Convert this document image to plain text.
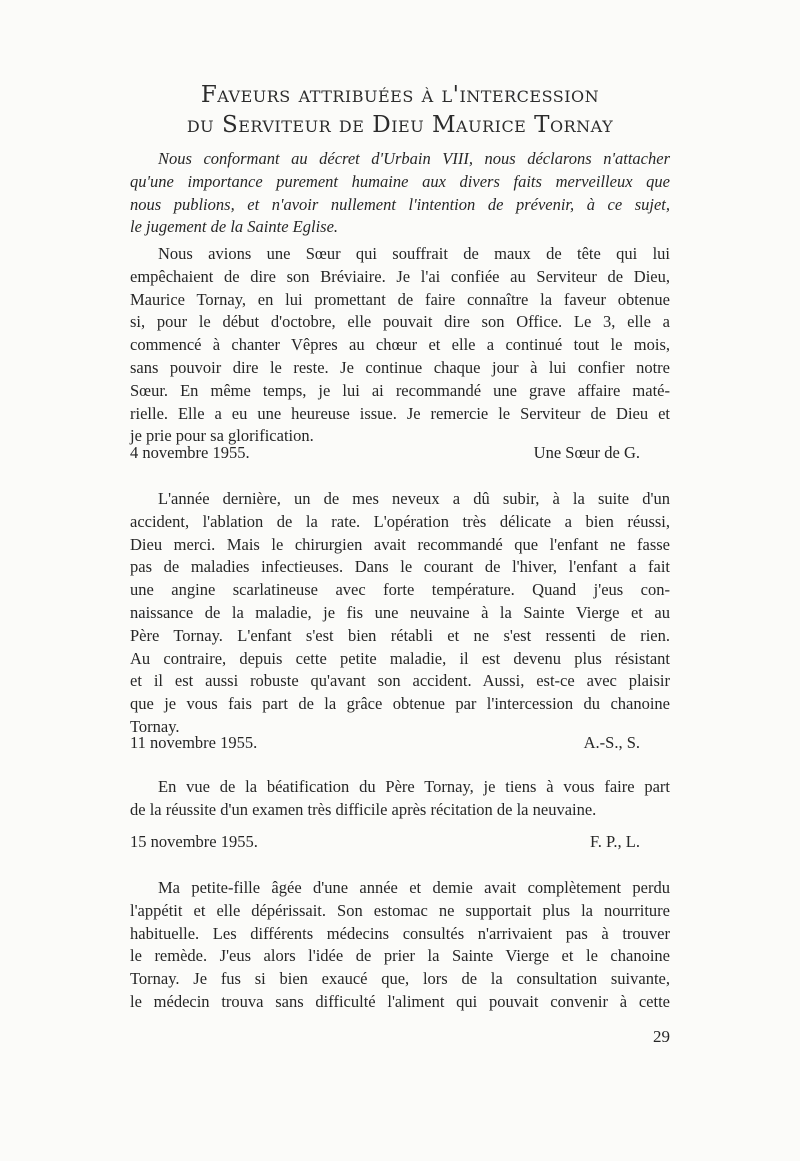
Faveurs attribuées à l'intercession
du Serviteur de Dieu Maurice Tornay
Nous conformant au décret d'Urbain VIII, nous déclarons n'attacher
qu'une importance purement humaine aux divers faits merveilleux que
nous publions, et n'avoir nullement l'intention de prévenir, à ce sujet,
le jugement de la Sainte Eglise.
Nous avions une Sœur qui souffrait de maux de tête qui lui
empêchaient de dire son Bréviaire. Je l'ai confiée au Serviteur de Dieu,
Maurice Tornay, en lui promettant de faire connaître la faveur obtenue
si, pour le début d'octobre, elle pouvait dire son Office. Le 3, elle a
commencé à chanter Vêpres au chœur et elle a continué tout le mois,
sans pouvoir dire le reste. Je continue chaque jour à lui confier notre
Sœur. En même temps, je lui ai recommandé une grave affaire maté-
rielle. Elle a eu une heureuse issue. Je remercie le Serviteur de Dieu et
je prie pour sa glorification.
4 novembre 1955.	Une Sœur de G.
L'année dernière, un de mes neveux a dû subir, à la suite d'un
accident, l'ablation de la rate. L'opération très délicate a bien réussi,
Dieu merci. Mais le chirurgien avait recommandé que l'enfant ne fasse
pas de maladies infectieuses. Dans le courant de l'hiver, l'enfant a fait
une angine scarlatineuse avec forte température. Quand j'eus con-
naissance de la maladie, je fis une neuvaine à la Sainte Vierge et au
Père Tornay. L'enfant s'est bien rétabli et ne s'est ressenti de rien.
Au contraire, depuis cette petite maladie, il est devenu plus résistant
et il est aussi robuste qu'avant son accident. Aussi, est-ce avec plaisir
que je vous fais part de la grâce obtenue par l'intercession du chanoine
Tornay.
11 novembre 1955.	A.-S., S.
En vue de la béatification du Père Tornay, je tiens à vous faire part
de la réussite d'un examen très difficile après récitation de la neuvaine.
15 novembre 1955.	F. P., L.
Ma petite-fille âgée d'une année et demie avait complètement perdu
l'appétit et elle dépérissait. Son estomac ne supportait plus la nourriture
habituelle. Les différents médecins consultés n'arrivaient pas à trouver
le remède. J'eus alors l'idée de prier la Sainte Vierge et le chanoine
Tornay. Je fus si bien exaucé que, lors de la consultation suivante,
le médecin trouva sans difficulté l'aliment qui pouvait convenir à cette
29
